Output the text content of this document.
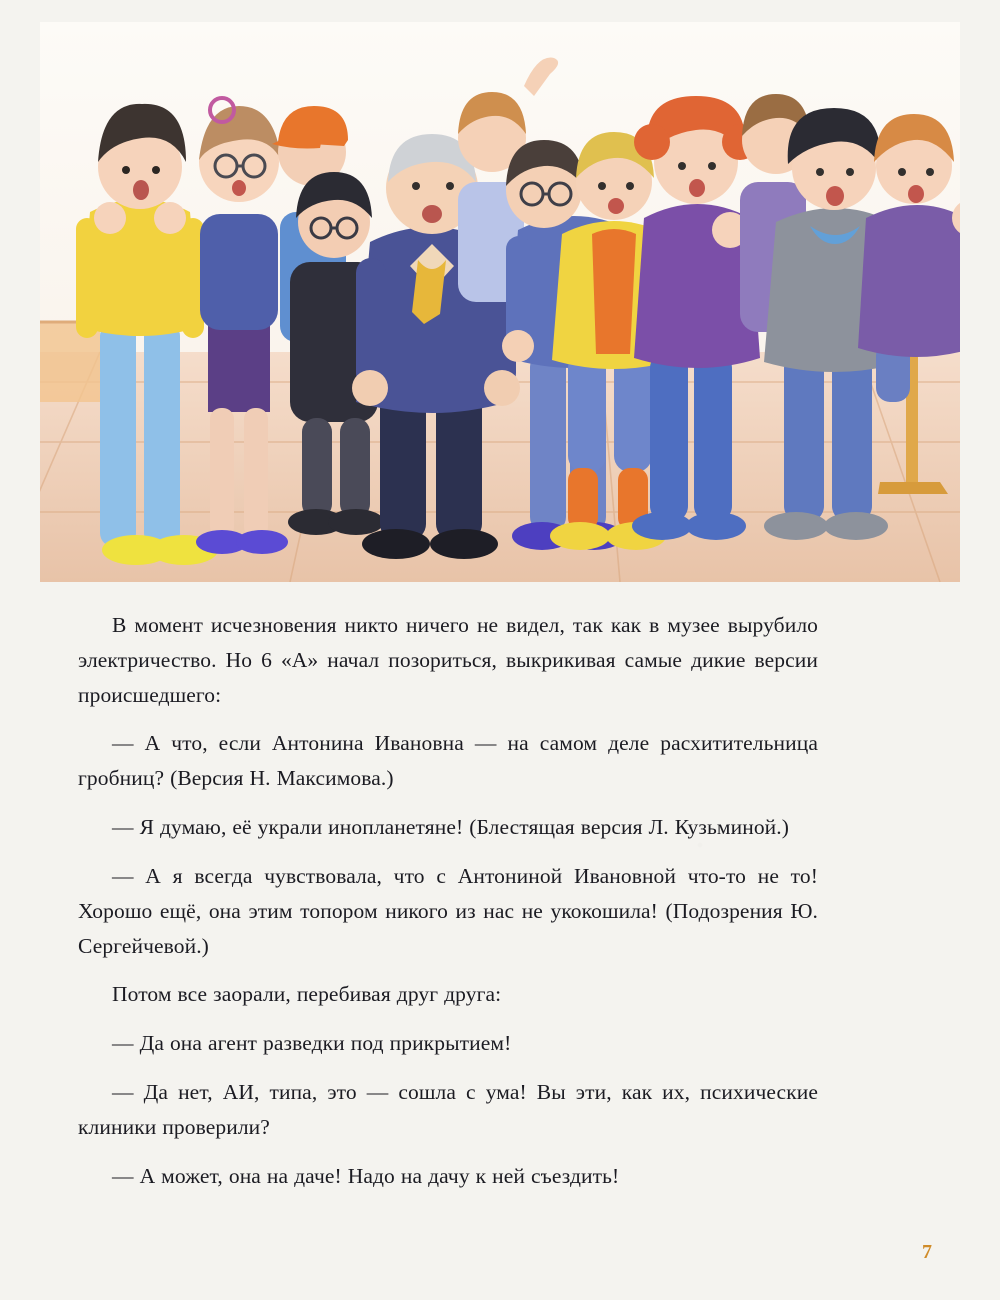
В момент исчезновения никто ничего не видел, так как в музее вырубило электричество. Но 6 «А» начал позориться, выкрикивая самые дикие версии происшедшего:

— А что, если Антонина Ивановна — на самом деле расхитительница гробниц? (Версия Н. Максимова.)

— Я думаю, её украли инопланетяне! (Блестящая версия Л. Кузьминой.)

— А я всегда чувствовала, что с Антониной Ивановной что-то не то! Хорошо ещё, она этим топором никого из нас не укокошила! (Подозрения Ю. Сергейчевой.)

Потом все заорали, перебивая друг друга:

— Да она агент разведки под прикрытием!

— Да нет, АИ, типа, это — сошла с ума! Вы эти, как их, психические клиники проверили?

— А может, она на даче! Надо на дачу к ней съездить!

7
